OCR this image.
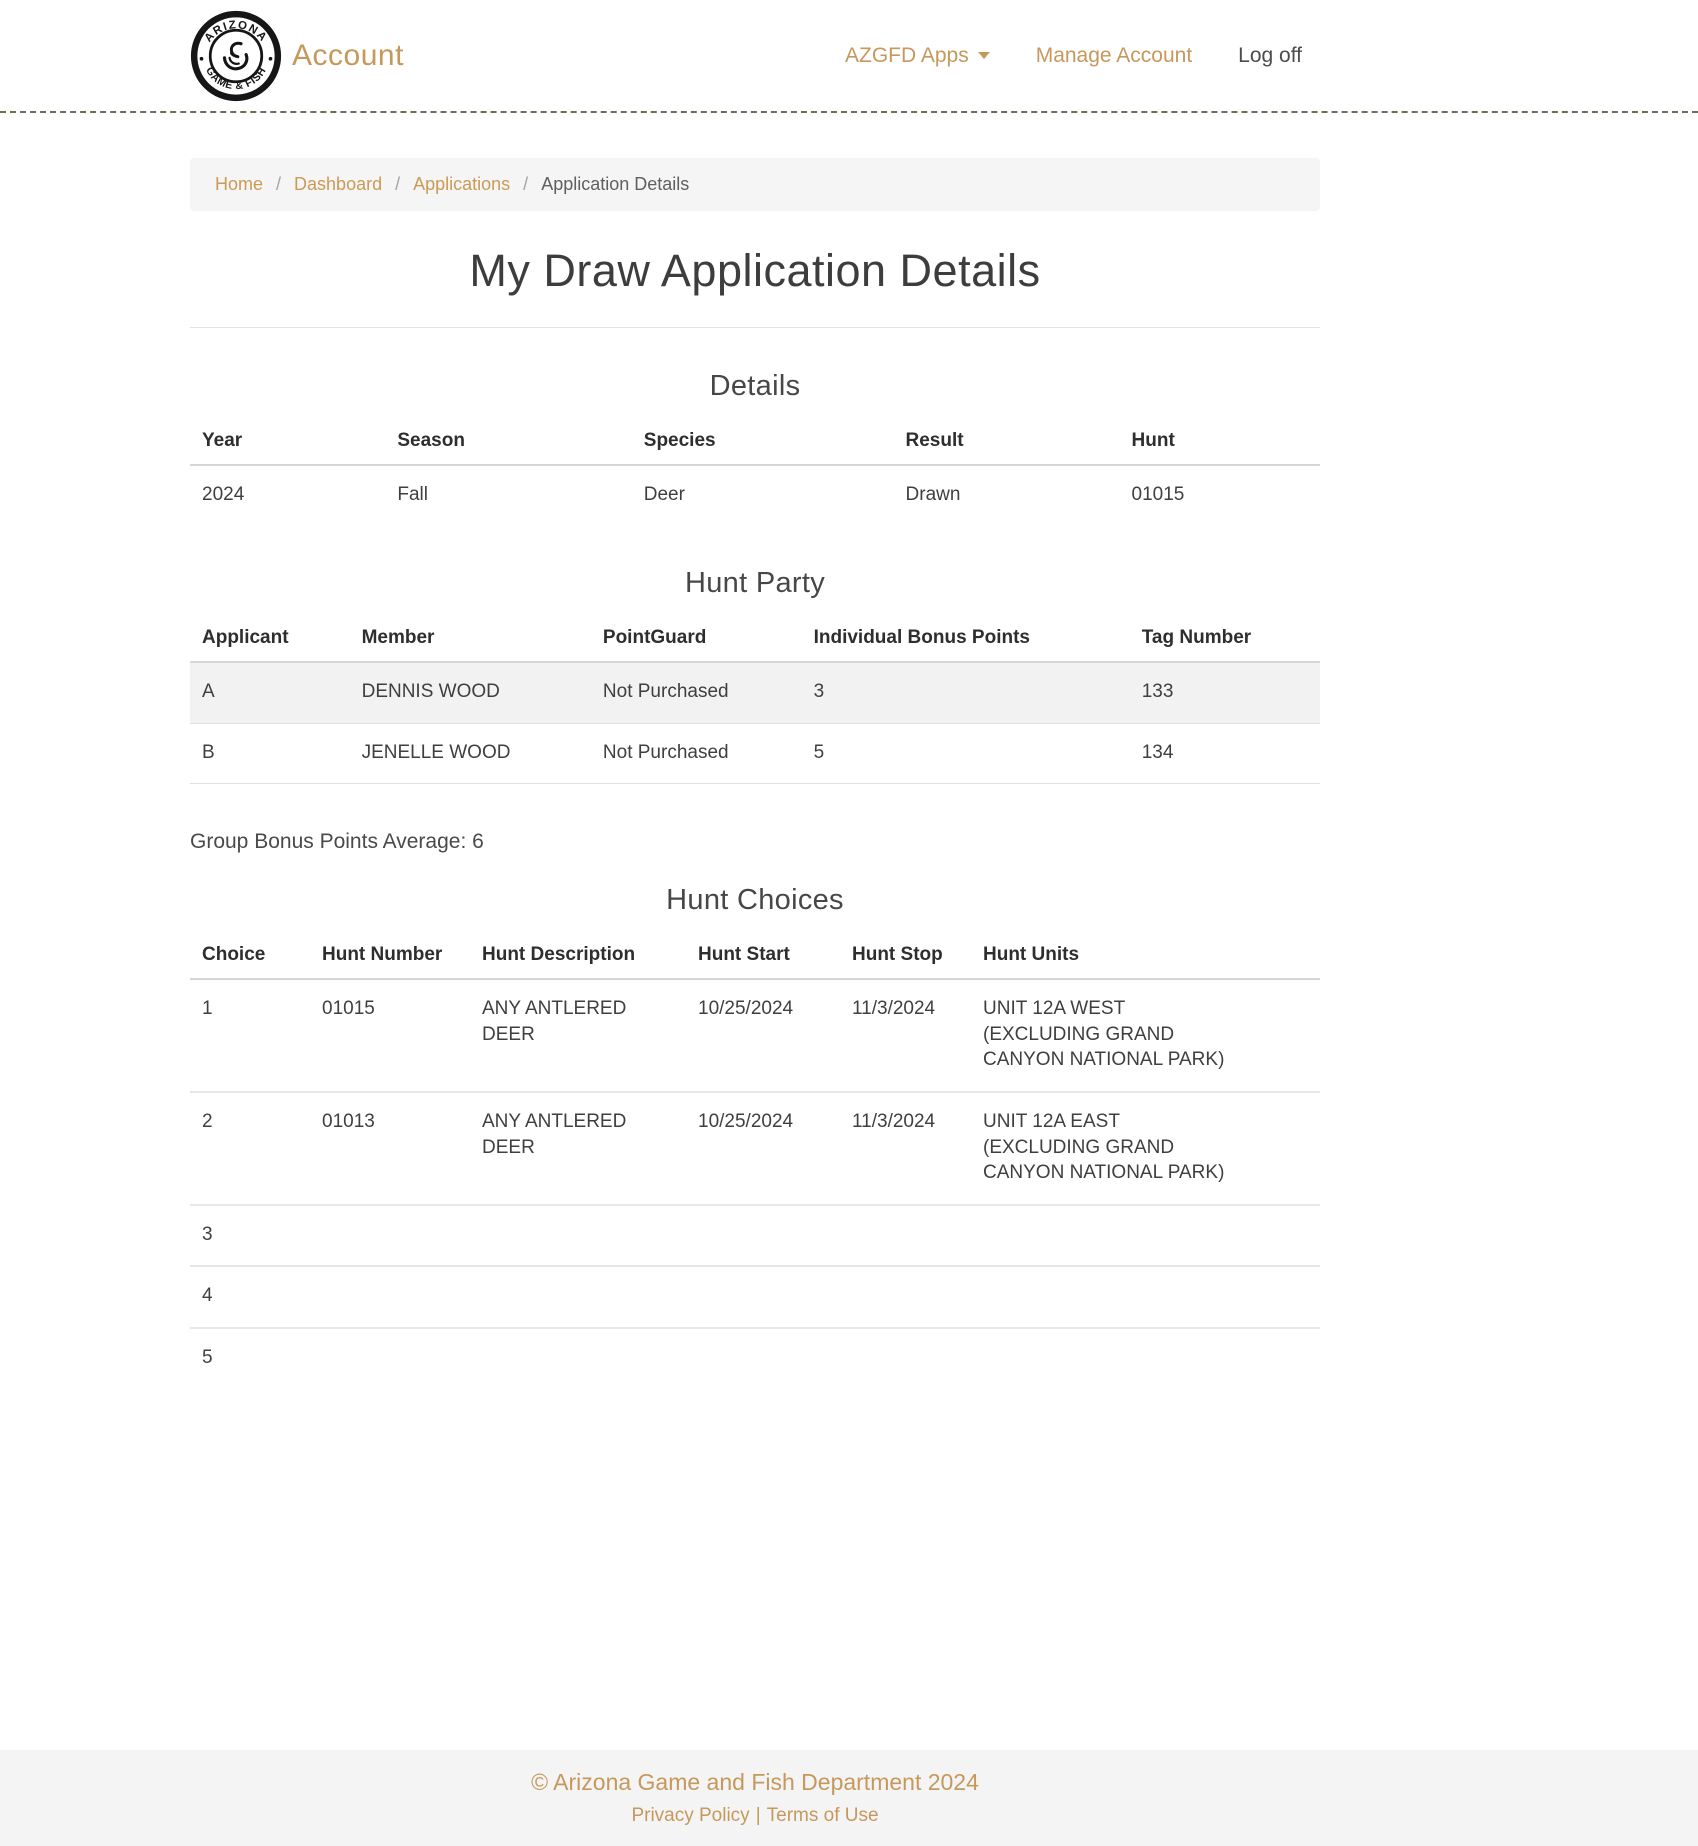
ARIZONA
GAME & FISH Account	AZGFD Apps	Manage Account Log off
Home / Dashboard / Applications / Application Details
My Draw Application Details
Details
Year	Season	Species	Result	Hunt
2024	Fall	Deer	Drawn	01015
Hunt Party
Applicant	Member	PointGuard	Individual Bonus Points	Tag Number
A	DENNIS WOOD	Not Purchased	3	133
B	JENELLE WOOD	Not Purchased	5	134
Group Bonus Points Average: 6
Hunt Choices
Choice	Hunt Number	Hunt Description	Hunt Start	Hunt Stop	Hunt Units
1	01015	ANY ANTLERED DEER	10/25/2024	11/3/2024	UNIT 12A WEST (EXCLUDING GRAND CANYON NATIONAL PARK)
2	01013	ANY ANTLERED DEER	10/25/2024	11/3/2024	UNIT 12A EAST (EXCLUDING GRAND CANYON NATIONAL PARK)
3					
4					
5					
© Arizona Game and Fish Department 2024
Privacy Policy | Terms of Use
